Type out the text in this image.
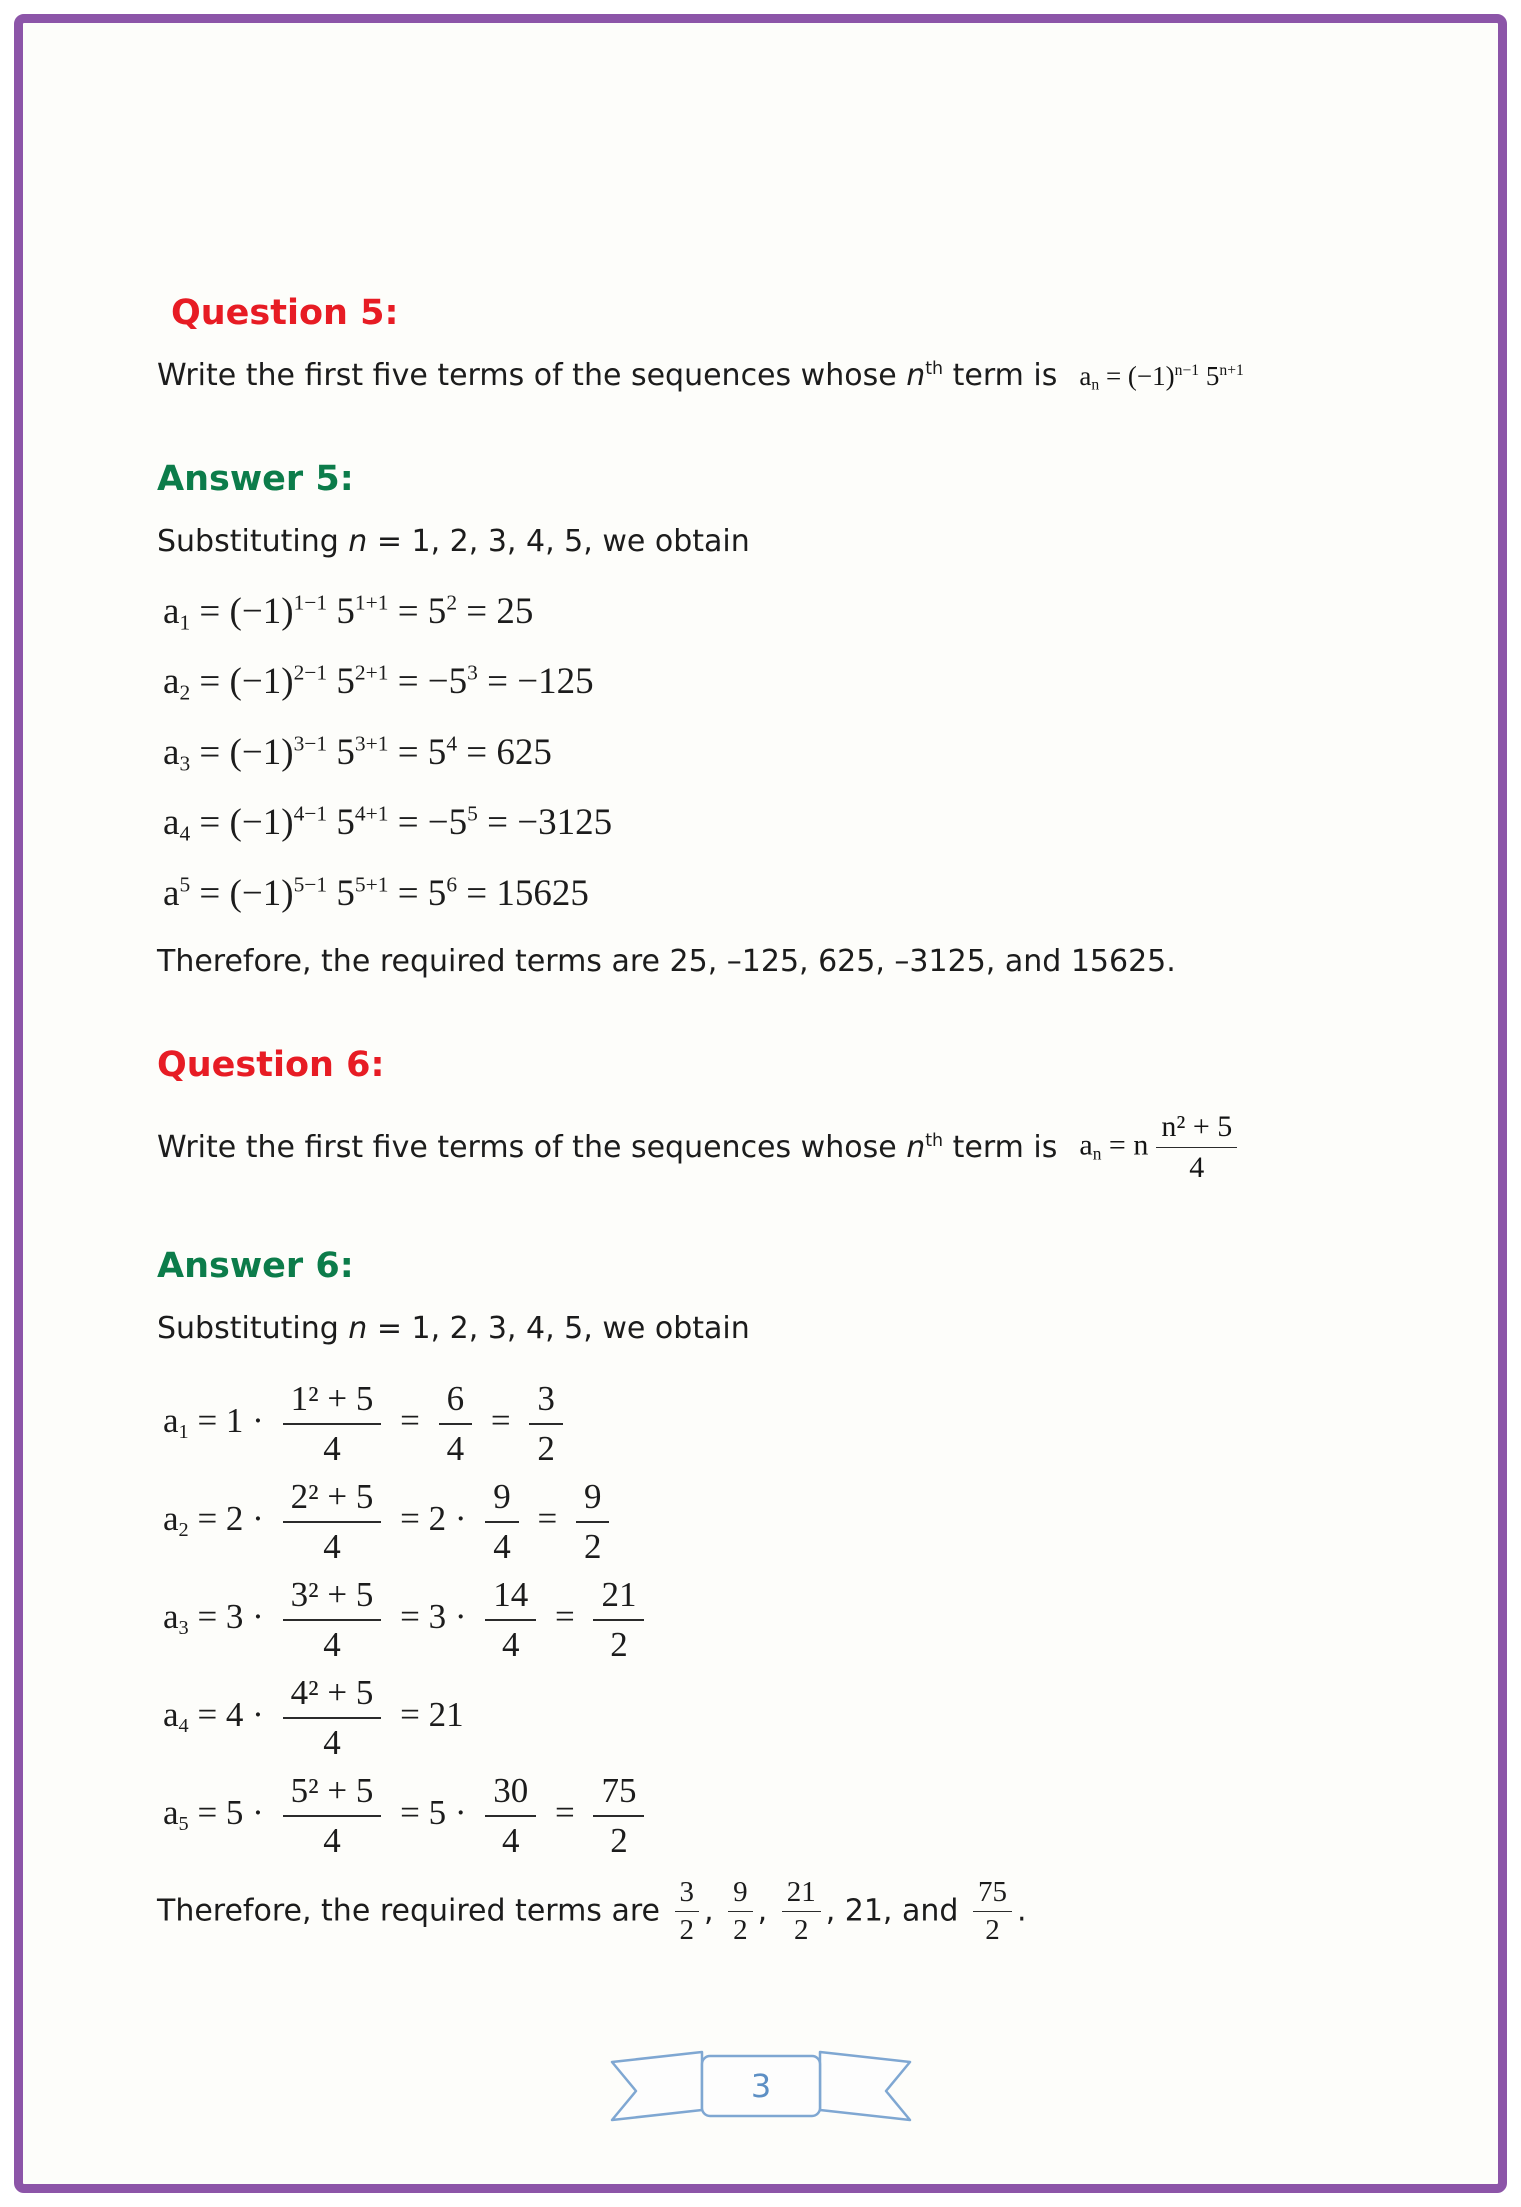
Question 5:
Write the first five terms of the sequences whose $n^{th}$ term is $a_n = (-1)^{n-1}$ $5^{n+1}$
Answer 5:

Substituting n = 1, 2, 3, 4, 5, we obtain

$a_1 = (-1)^{1-1}$ $5^{1+1} = 5^2 = 25$
$a_2 = (-1)^{2-1}$ $5^{2+1} = -5^3 = -125$
$a_3 = (-1)^{3-1}$ $5^{3+1} = 5^4 = 625$
$a_4 = (-1)^{4-1}$ $5^{4+1} = -5^5 = -3125$
$a^5 = (-1)^{5-1}$ $5^{5+1} = 5^6 = 15625$

Therefore, the required terms are 25, –125, 625, –3125, and 15625.

Question 6:
Write the first five terms of the sequences whose $n^{th}$ term is $a_n = n \frac{\text{n² + 5}}{4}$
Answer 6:

Substituting n = 1, 2, 3, 4, 5, we obtain

$a_1 = 1 \cdot \frac{\text{1² + 5}}{4} = \frac{6}{4} = \frac{3}{2}$
$a_2 = 2 \cdot \frac{\text{2² + 5}}{4} = 2 \cdot \frac{9}{4} = \frac{9}{2}$
$a_3 = 3 \cdot \frac{\text{3² + 5}}{4} = 3 \cdot \frac{14}{4} = \frac{21}{2}$
$a_4 = 4 \cdot \frac{\text{4² + 5}}{4} = 21$
$a_5 = 5 \cdot \frac{\text{5² + 5}}{4} = 5 \cdot \frac{30}{4} = \frac{75}{2}$

Therefore, the required terms are $\frac{3}{2}$ , $\frac{9}{2}$ , $\frac{21}{2}$ , 21, and $\frac{75}{2}$ .

3
